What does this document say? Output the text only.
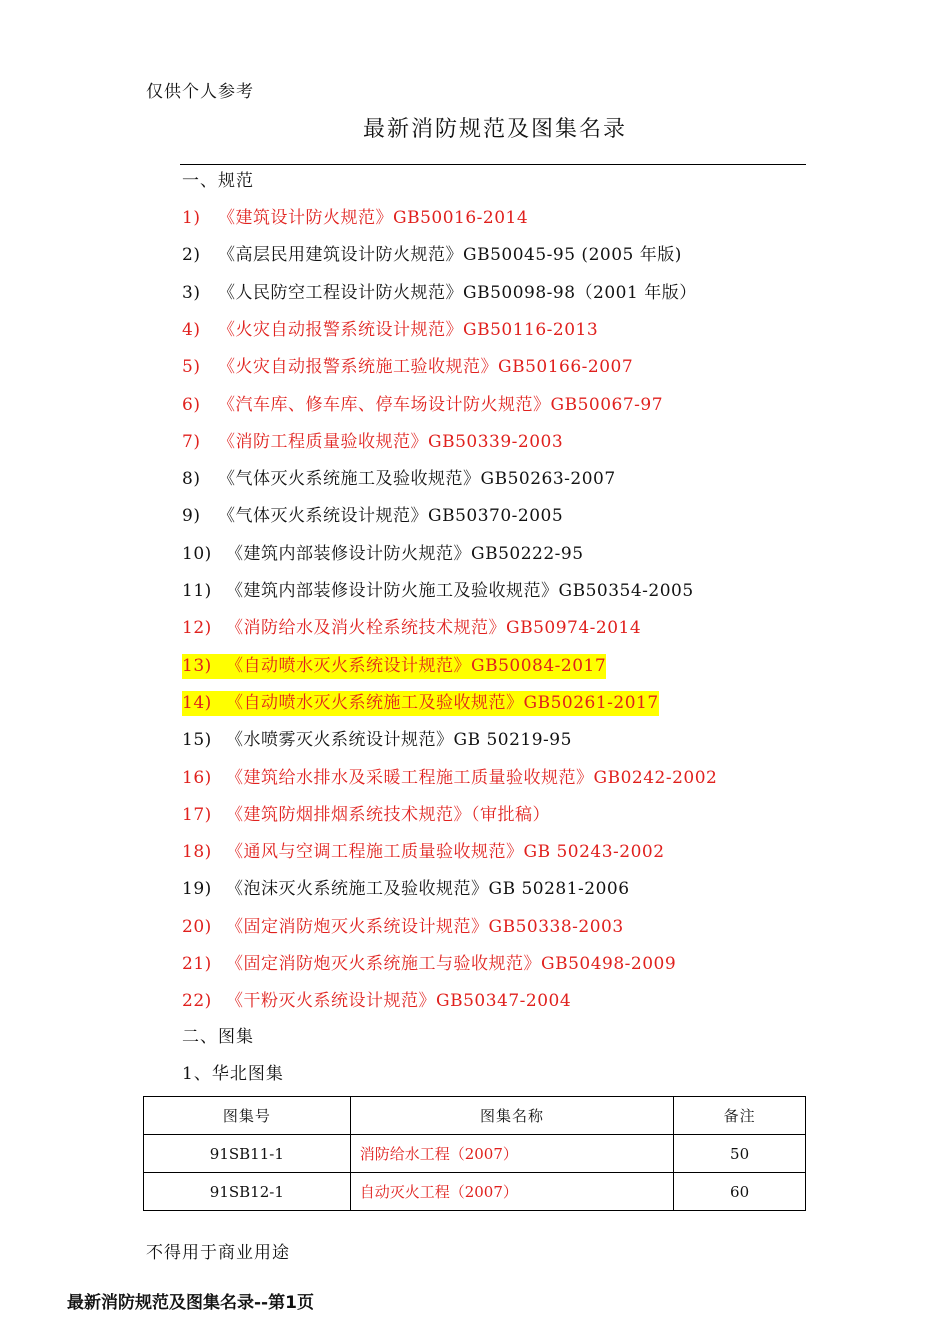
仅供个人参考
最新消防规范及图集名录
一、规范
1) 《建筑设计防火规范》GB50016-2014
2) 《高层民用建筑设计防火规范》GB50045-95 (2005 年版)
3) 《人民防空工程设计防火规范》GB50098-98（2001 年版）
4) 《火灾自动报警系统设计规范》GB50116-2013
5) 《火灾自动报警系统施工验收规范》GB50166-2007
6) 《汽车库、修车库、停车场设计防火规范》GB50067-97
7) 《消防工程质量验收规范》GB50339-2003
8) 《气体灭火系统施工及验收规范》GB50263-2007
9) 《气体灭火系统设计规范》GB50370-2005
10) 《建筑内部装修设计防火规范》GB50222-95
11) 《建筑内部装修设计防火施工及验收规范》GB50354-2005
12) 《消防给水及消火栓系统技术规范》GB50974-2014
13) 《自动喷水灭火系统设计规范》GB50084-2017
14) 《自动喷水灭火系统施工及验收规范》GB50261-2017
15) 《水喷雾灭火系统设计规范》GB 50219-95
16) 《建筑给水排水及采暖工程施工质量验收规范》GB0242-2002
17) 《建筑防烟排烟系统技术规范》（审批稿）
18) 《通风与空调工程施工质量验收规范》GB 50243-2002
19) 《泡沫灭火系统施工及验收规范》GB 50281-2006
20) 《固定消防炮灭火系统设计规范》GB50338-2003
21) 《固定消防炮灭火系统施工与验收规范》GB50498-2009
22) 《干粉灭火系统设计规范》GB50347-2004
二、图集
1、华北图集
图集号	图集名称	备注
91SB11-1	消防给水工程（2007）	50
91SB12-1	自动灭火工程（2007）	60
不得用于商业用途
最新消防规范及图集名录--第1页
